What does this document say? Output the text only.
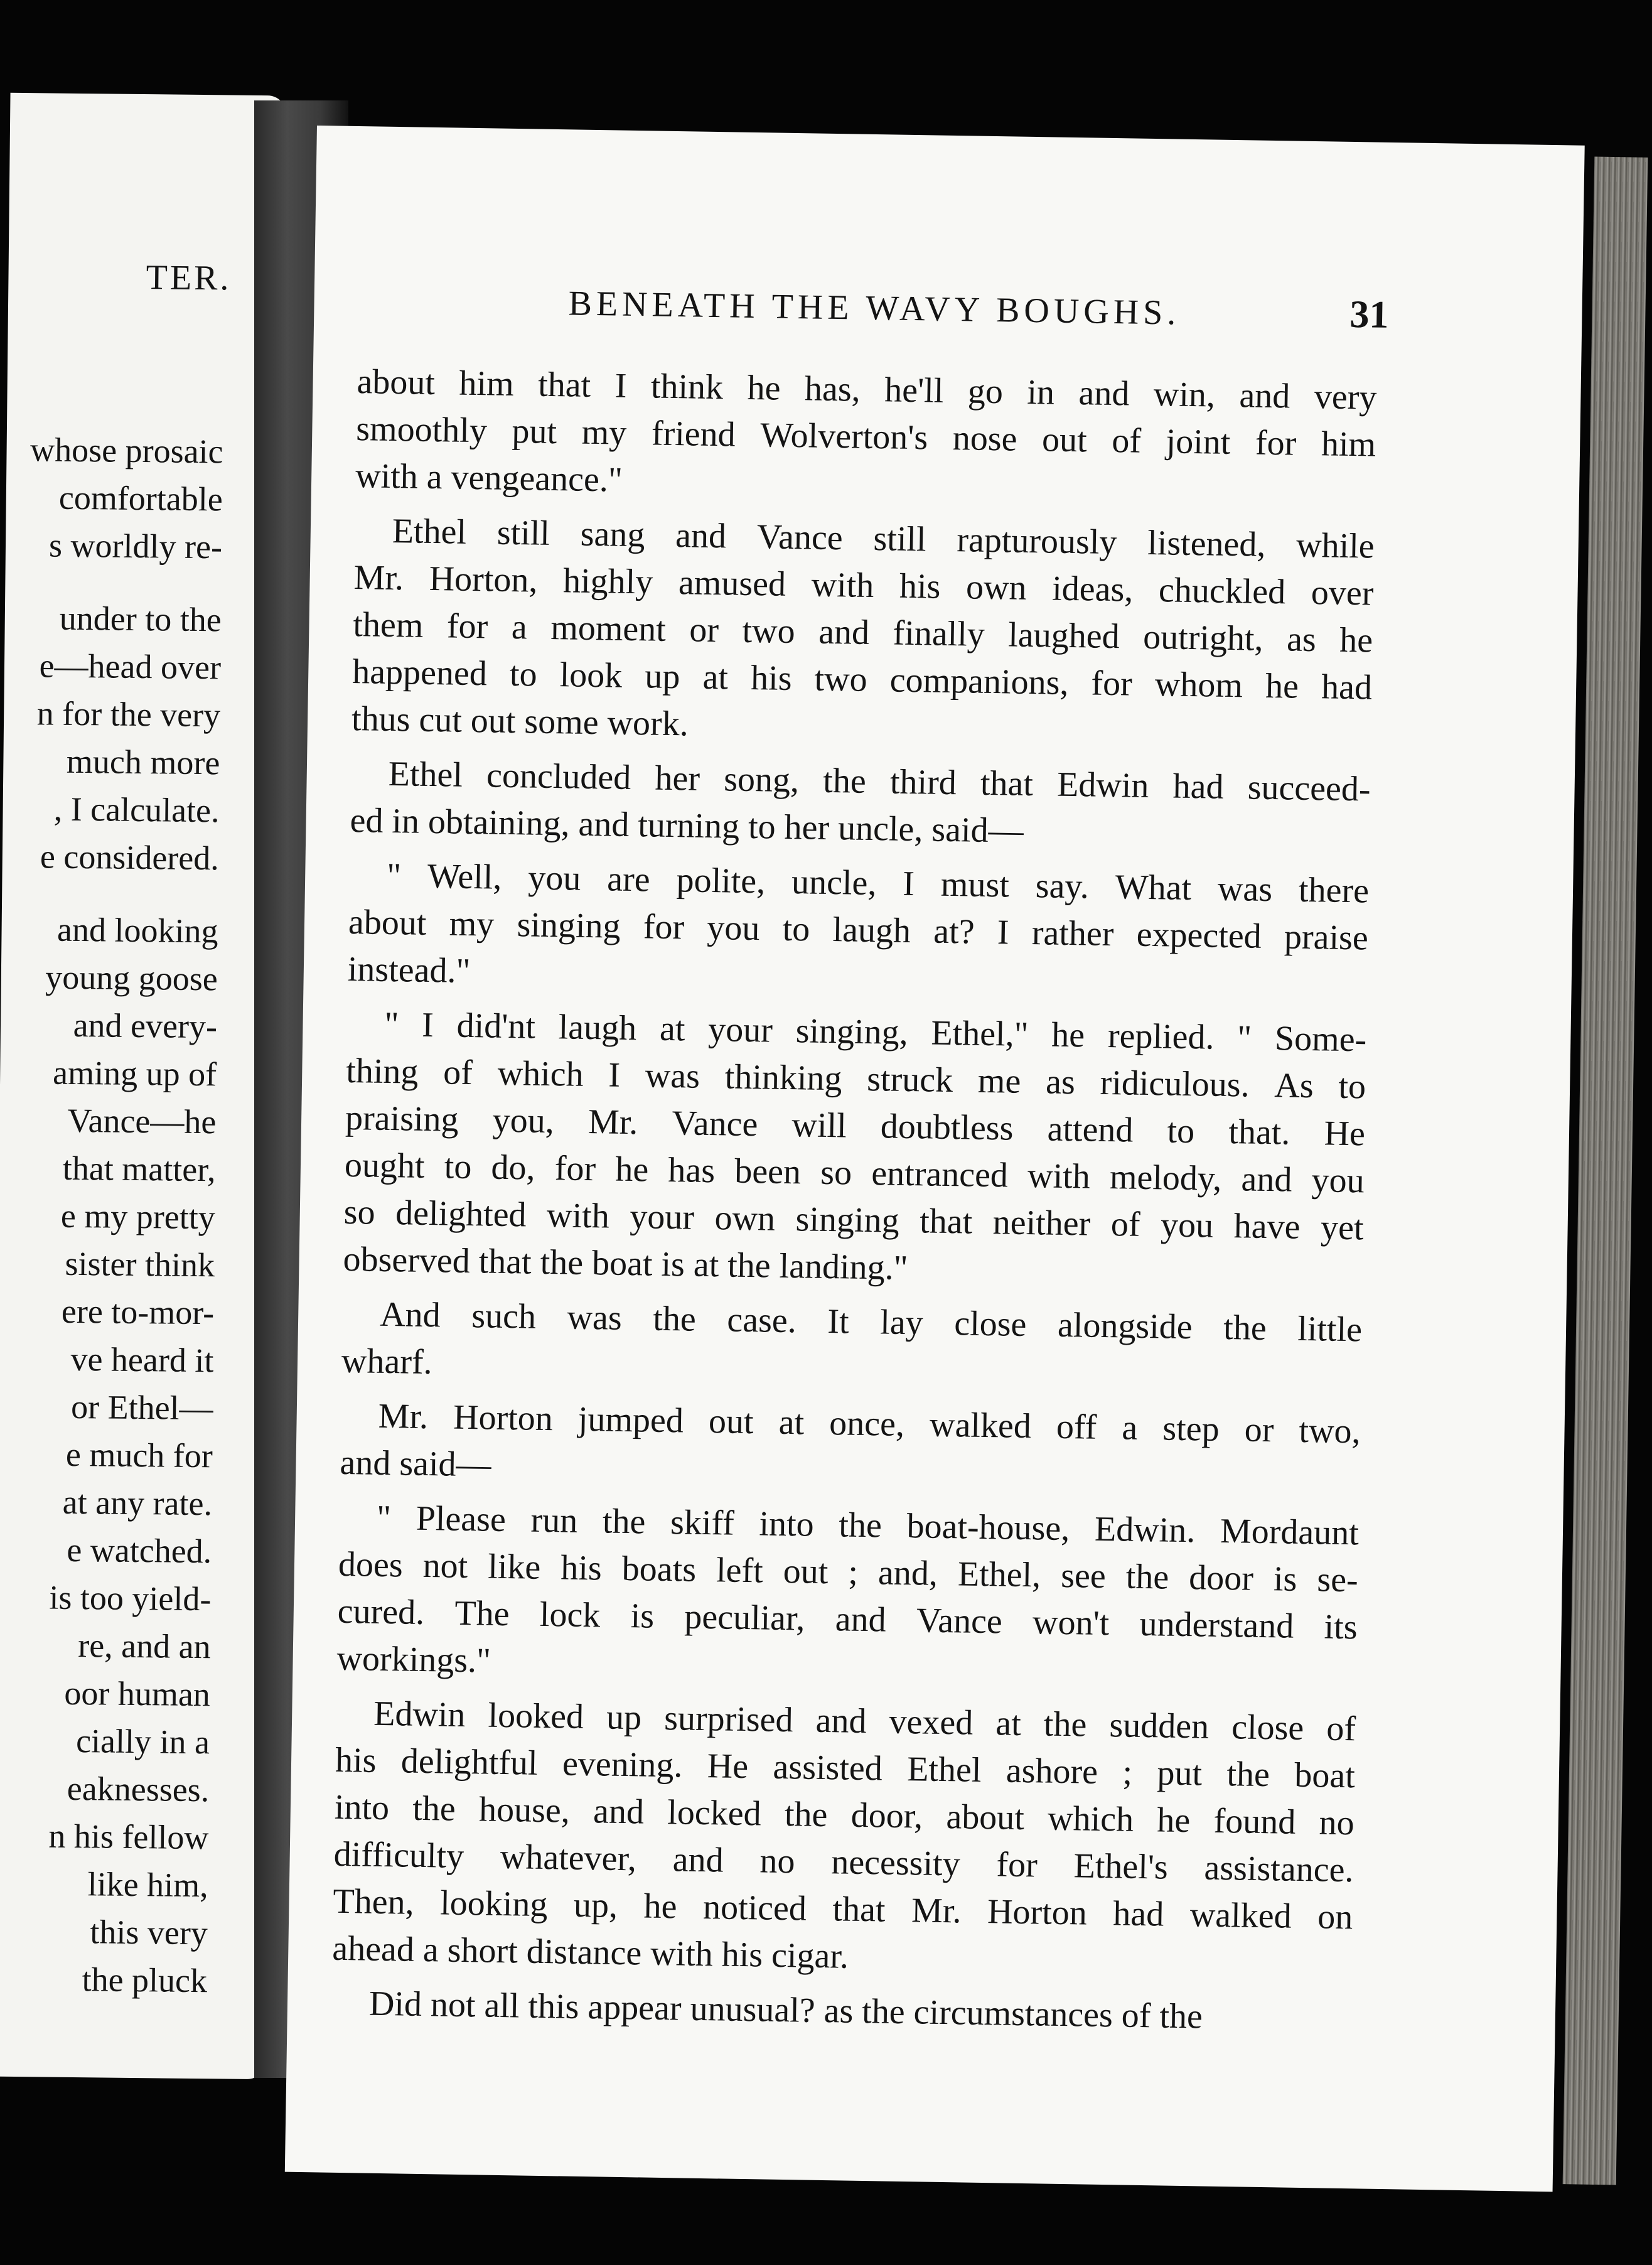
TER.
whose prosaic
comfortable
s worldly re-
under to the
e—head over
n for the very
much more
, I calculate.
e considered.
and looking
young goose
and every-
aming up of
Vance—he
that matter,
e my pretty
sister think
ere to-mor-
ve heard it
or Ethel—
e much for
at any rate.
e watched.
is too yield-
re, and an
oor human
cially in a
eaknesses.
n his fellow
like him,
this very
the pluck
BENEATH THE WAVY BOUGHS.	31
about him that I think he has, he'll go in and win, and very
smoothly put my friend Wolverton's nose out of joint for him
with a vengeance."
Ethel still sang and Vance still rapturously listened, while
Mr. Horton, highly amused with his own ideas, chuckled over
them for a moment or two and finally laughed outright, as he
happened to look up at his two companions, for whom he had
thus cut out some work.
Ethel concluded her song, the third that Edwin had succeed-
ed in obtaining, and turning to her uncle, said—
" Well, you are polite, uncle, I must say. What was there
about my singing for you to laugh at? I rather expected praise
instead."
" I did'nt laugh at your singing, Ethel," he replied. " Some-
thing of which I was thinking struck me as ridiculous. As to
praising you, Mr. Vance will doubtless attend to that. He
ought to do, for he has been so entranced with melody, and you
so delighted with your own singing that neither of you have yet
observed that the boat is at the landing."
And such was the case. It lay close alongside the little
wharf.
Mr. Horton jumped out at once, walked off a step or two,
and said—
" Please run the skiff into the boat-house, Edwin. Mordaunt
does not like his boats left out ; and, Ethel, see the door is se-
cured. The lock is peculiar, and Vance won't understand its
workings."
Edwin looked up surprised and vexed at the sudden close of
his delightful evening. He assisted Ethel ashore ; put the boat
into the house, and locked the door, about which he found no
difficulty whatever, and no necessity for Ethel's assistance.
Then, looking up, he noticed that Mr. Horton had walked on
ahead a short distance with his cigar.
Did not all this appear unusual? as the circumstances of the
